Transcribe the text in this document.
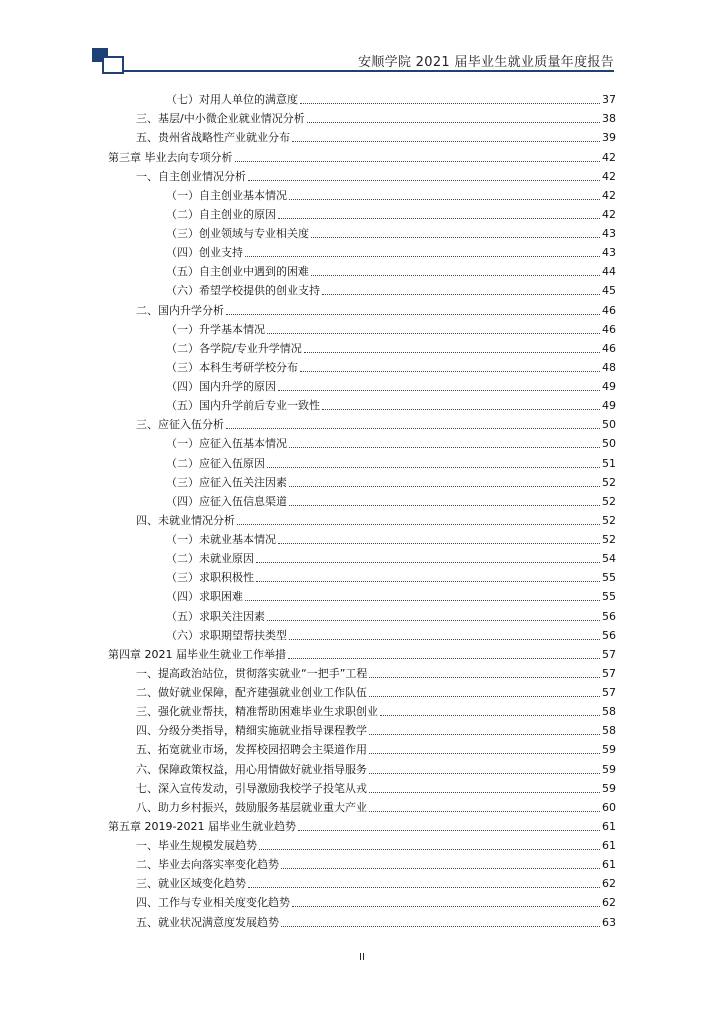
安顺学院 2021 届毕业生就业质量年度报告
（七）对用人单位的满意度	37
三、基层/中小微企业就业情况分析	38
五、贵州省战略性产业就业分布	39
第三章 毕业去向专项分析	42
一、自主创业情况分析	42
（一）自主创业基本情况	42
（二）自主创业的原因	42
（三）创业领域与专业相关度	43
（四）创业支持	43
（五）自主创业中遇到的困难	44
（六）希望学校提供的创业支持	45
二、国内升学分析	46
（一）升学基本情况	46
（二）各学院/专业升学情况	46
（三）本科生考研学校分布	48
（四）国内升学的原因	49
（五）国内升学前后专业一致性	49
三、应征入伍分析	50
（一）应征入伍基本情况	50
（二）应征入伍原因	51
（三）应征入伍关注因素	52
（四）应征入伍信息渠道	52
四、未就业情况分析	52
（一）未就业基本情况	52
（二）未就业原因	54
（三）求职积极性	55
（四）求职困难	55
（五）求职关注因素	56
（六）求职期望帮扶类型	56
第四章 2021 届毕业生就业工作举措	57
一、提高政治站位，贯彻落实就业“一把手”工程	57
二、做好就业保障，配齐建强就业创业工作队伍	57
三、强化就业帮扶，精准帮助困难毕业生求职创业	58
四、分级分类指导，精细实施就业指导课程教学	58
五、拓宽就业市场，发挥校园招聘会主渠道作用	59
六、保障政策权益，用心用情做好就业指导服务	59
七、深入宣传发动，引导激励我校学子投笔从戎	59
八、助力乡村振兴，鼓励服务基层就业重大产业	60
第五章 2019-2021 届毕业生就业趋势	61
一、毕业生规模发展趋势	61
二、毕业去向落实率变化趋势	61
三、就业区域变化趋势	62
四、工作与专业相关度变化趋势	62
五、就业状况满意度发展趋势	63
II
